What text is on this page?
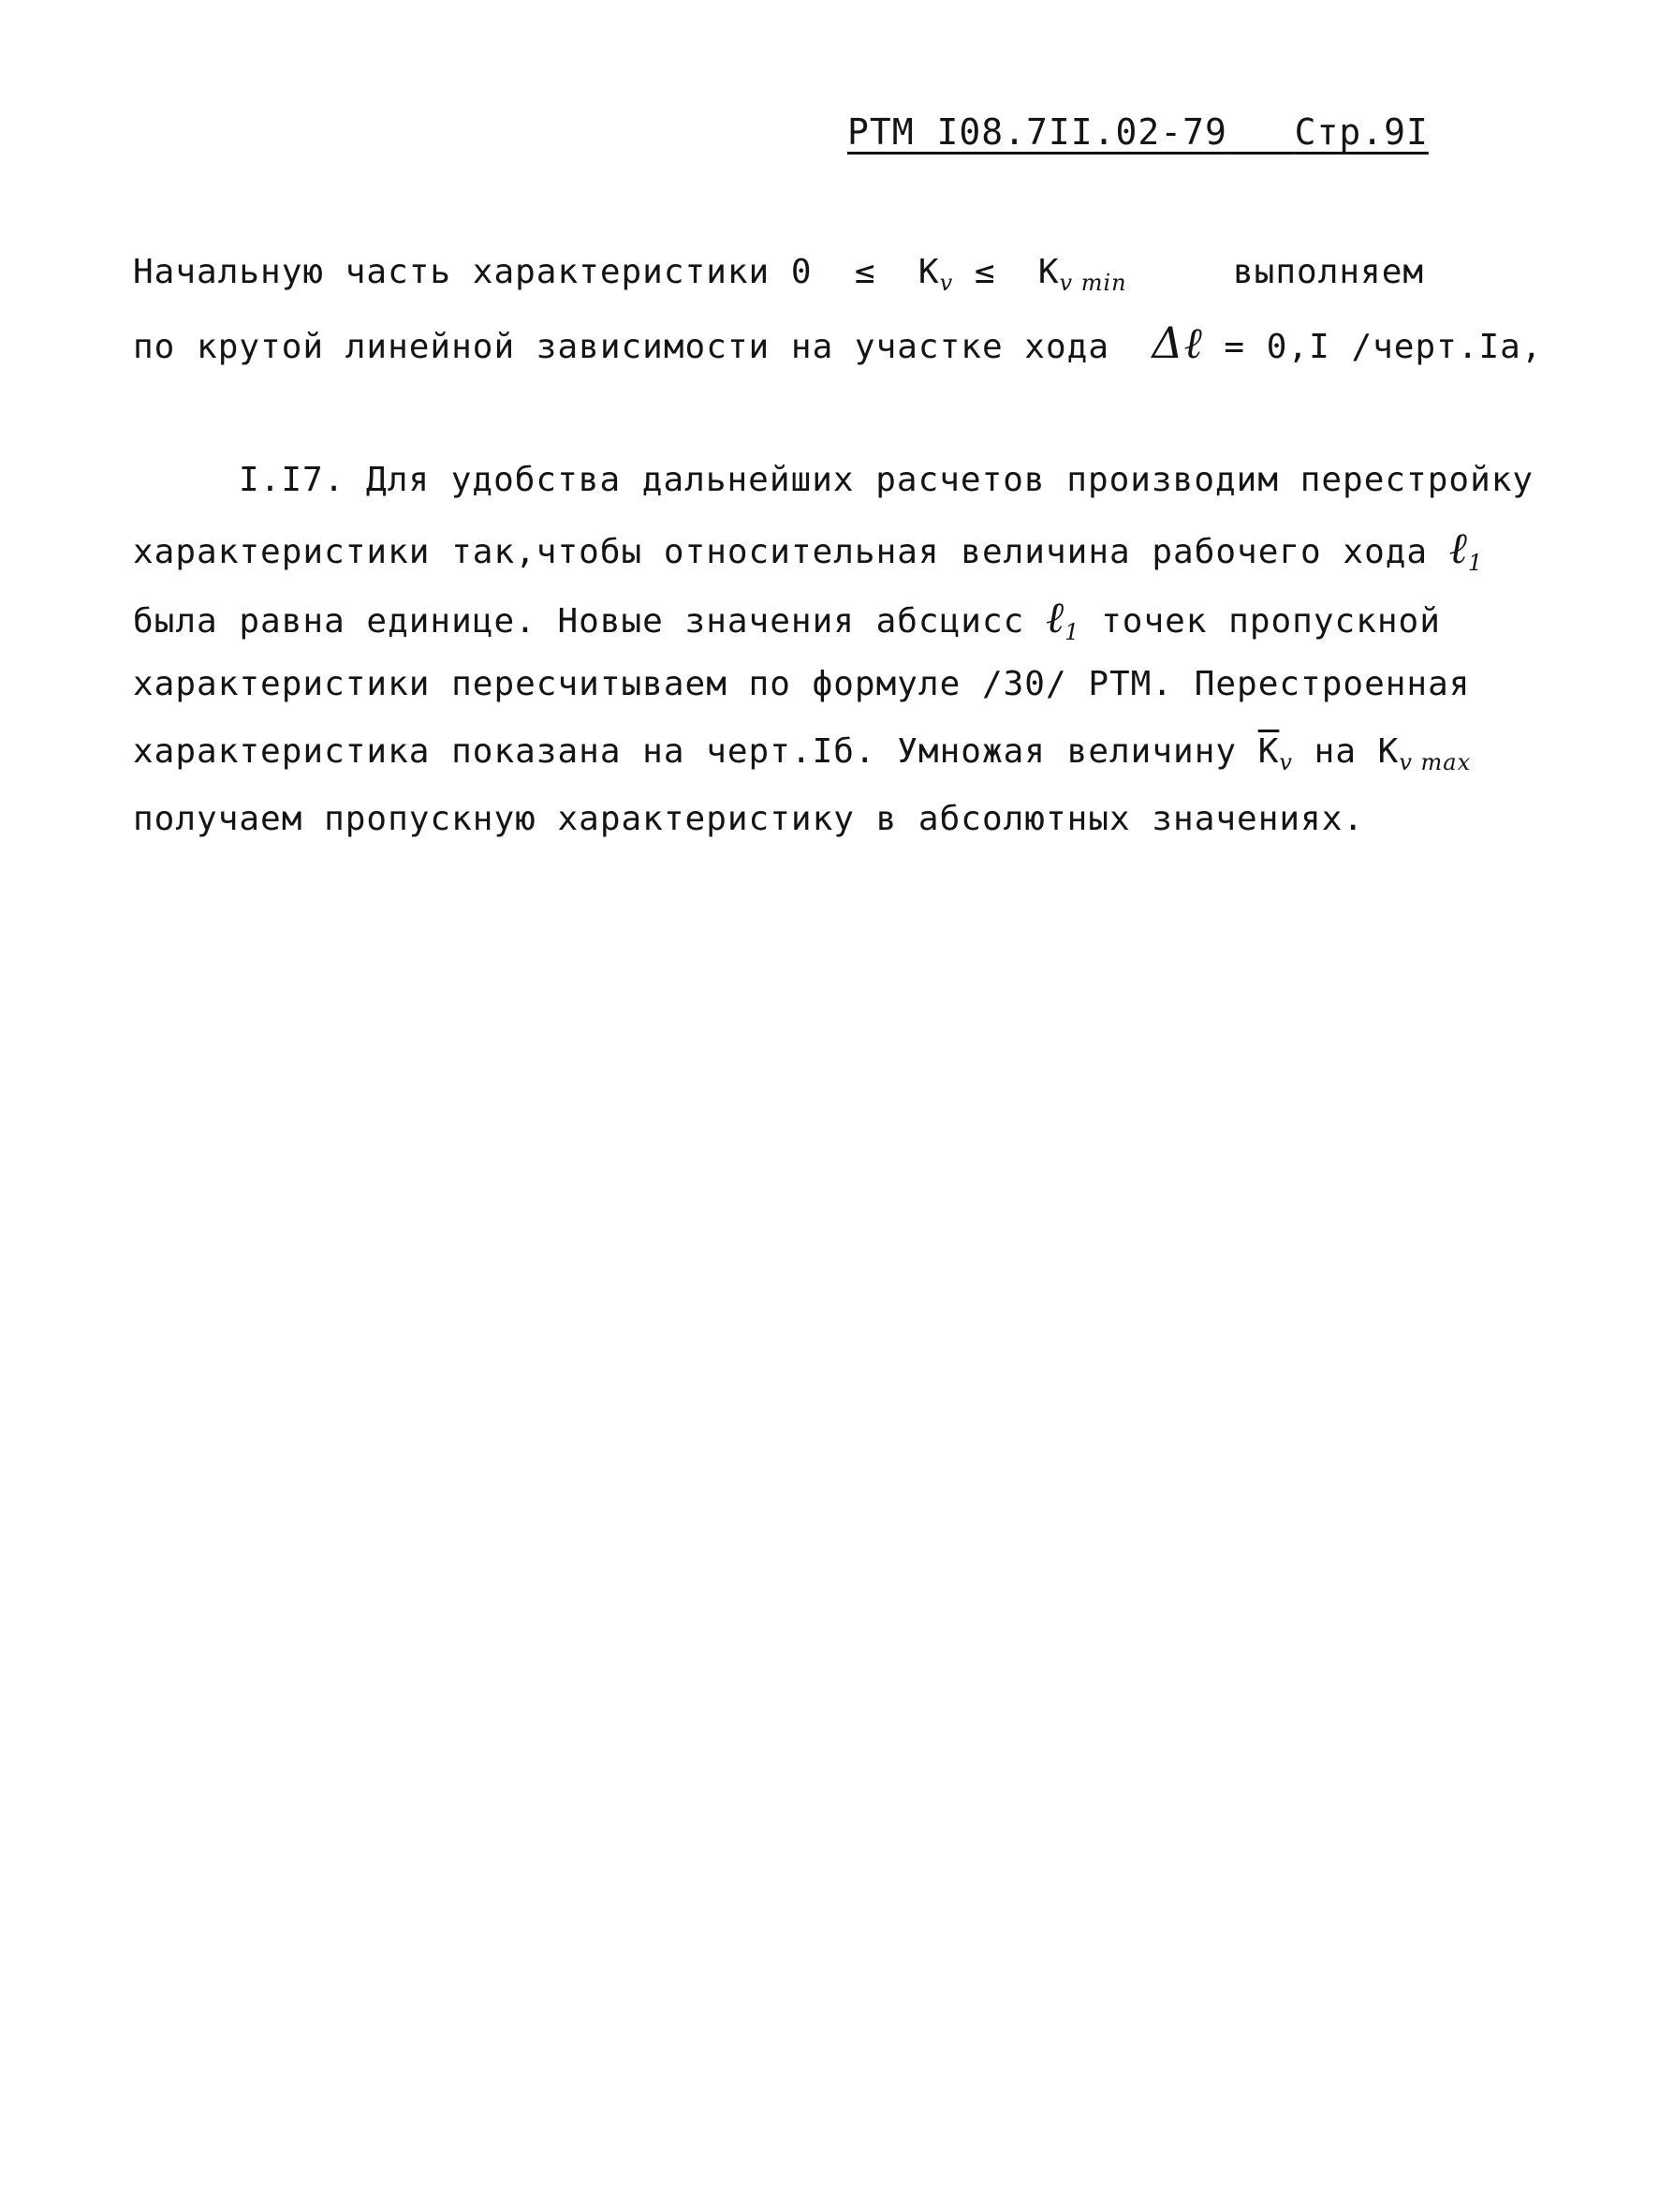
РТМ I08.7II.02-79 Стр.9I
Начальную часть характеристики $0 \le K_v \le K_{v min}$     выполняем
по крутой линейной зависимости на участке хода  Δℓ = 0,I /черт.Iа,
I.I7. Для удобства дальнейших расчетов производим перестройку
характеристики так,чтобы относительная величина рабочего хода ℓ$_1$
была равна единице. Новые значения абсцисс ℓ$_1$ точек пропускной
характеристики пересчитываем по формуле /30/ РТМ. Перестроенная
характеристика показана на черт.Iб. Умножая величину $\overline{K}_v$ на $K_{v max}$
получаем пропускную характеристику в абсолютных значениях.
